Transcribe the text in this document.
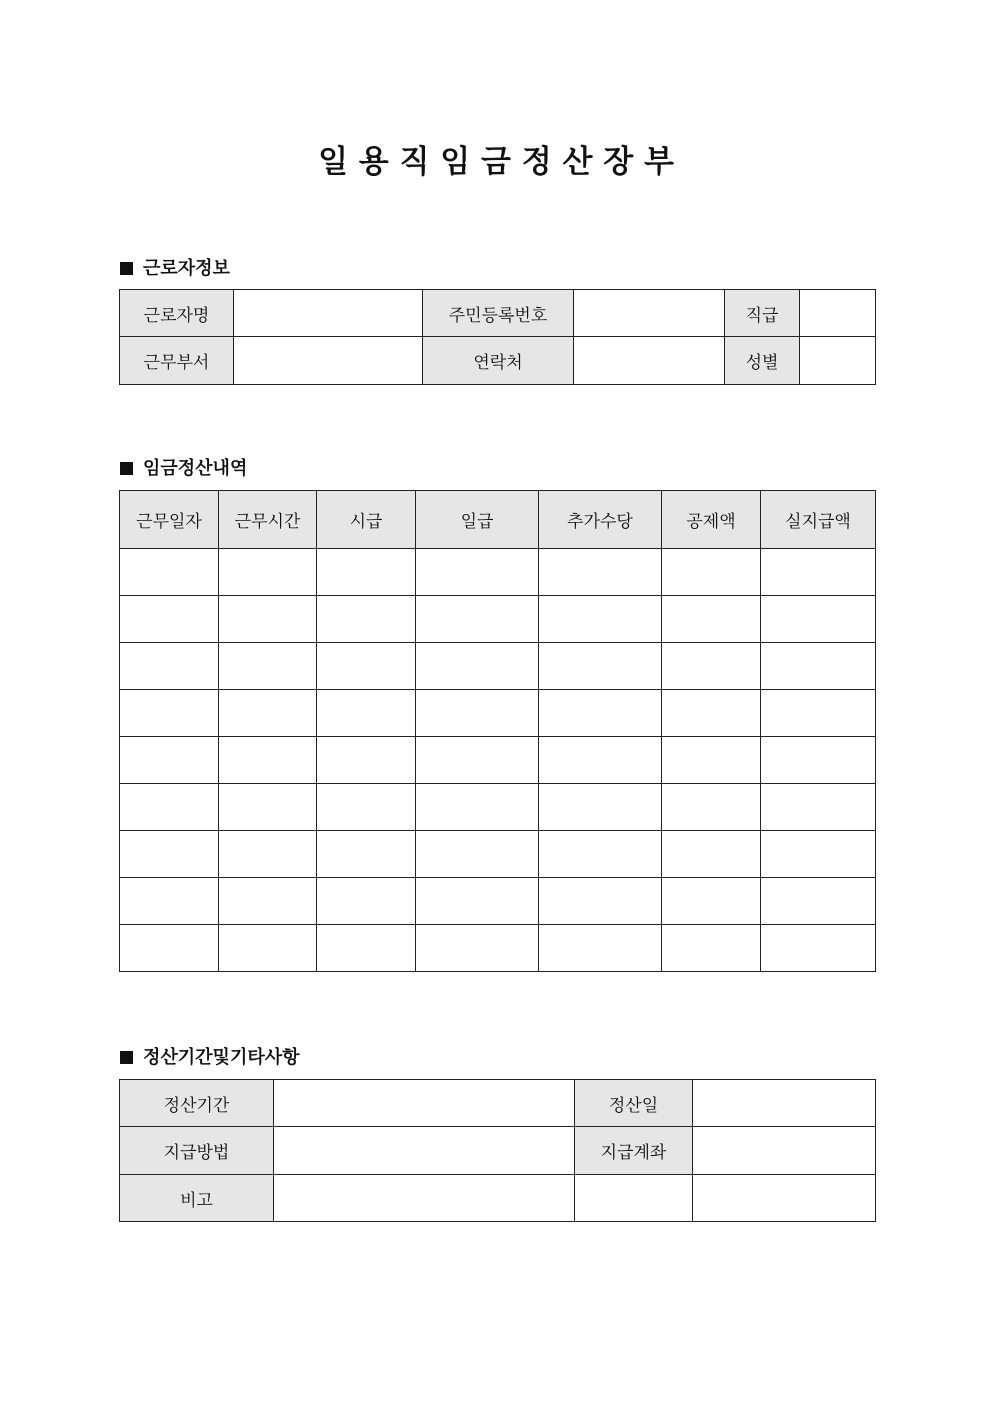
일 용 직 임 금 정 산 장 부
근로자정보
근로자명		주민등록번호		직급	
근무부서		연락처		성별	
임금정산내역
근무일자	근무시간	시급	일급	추가수당	공제액	실지급액

정산기간및기타사항
정산기간		정산일	
지급방법		지급계좌	
비고			
